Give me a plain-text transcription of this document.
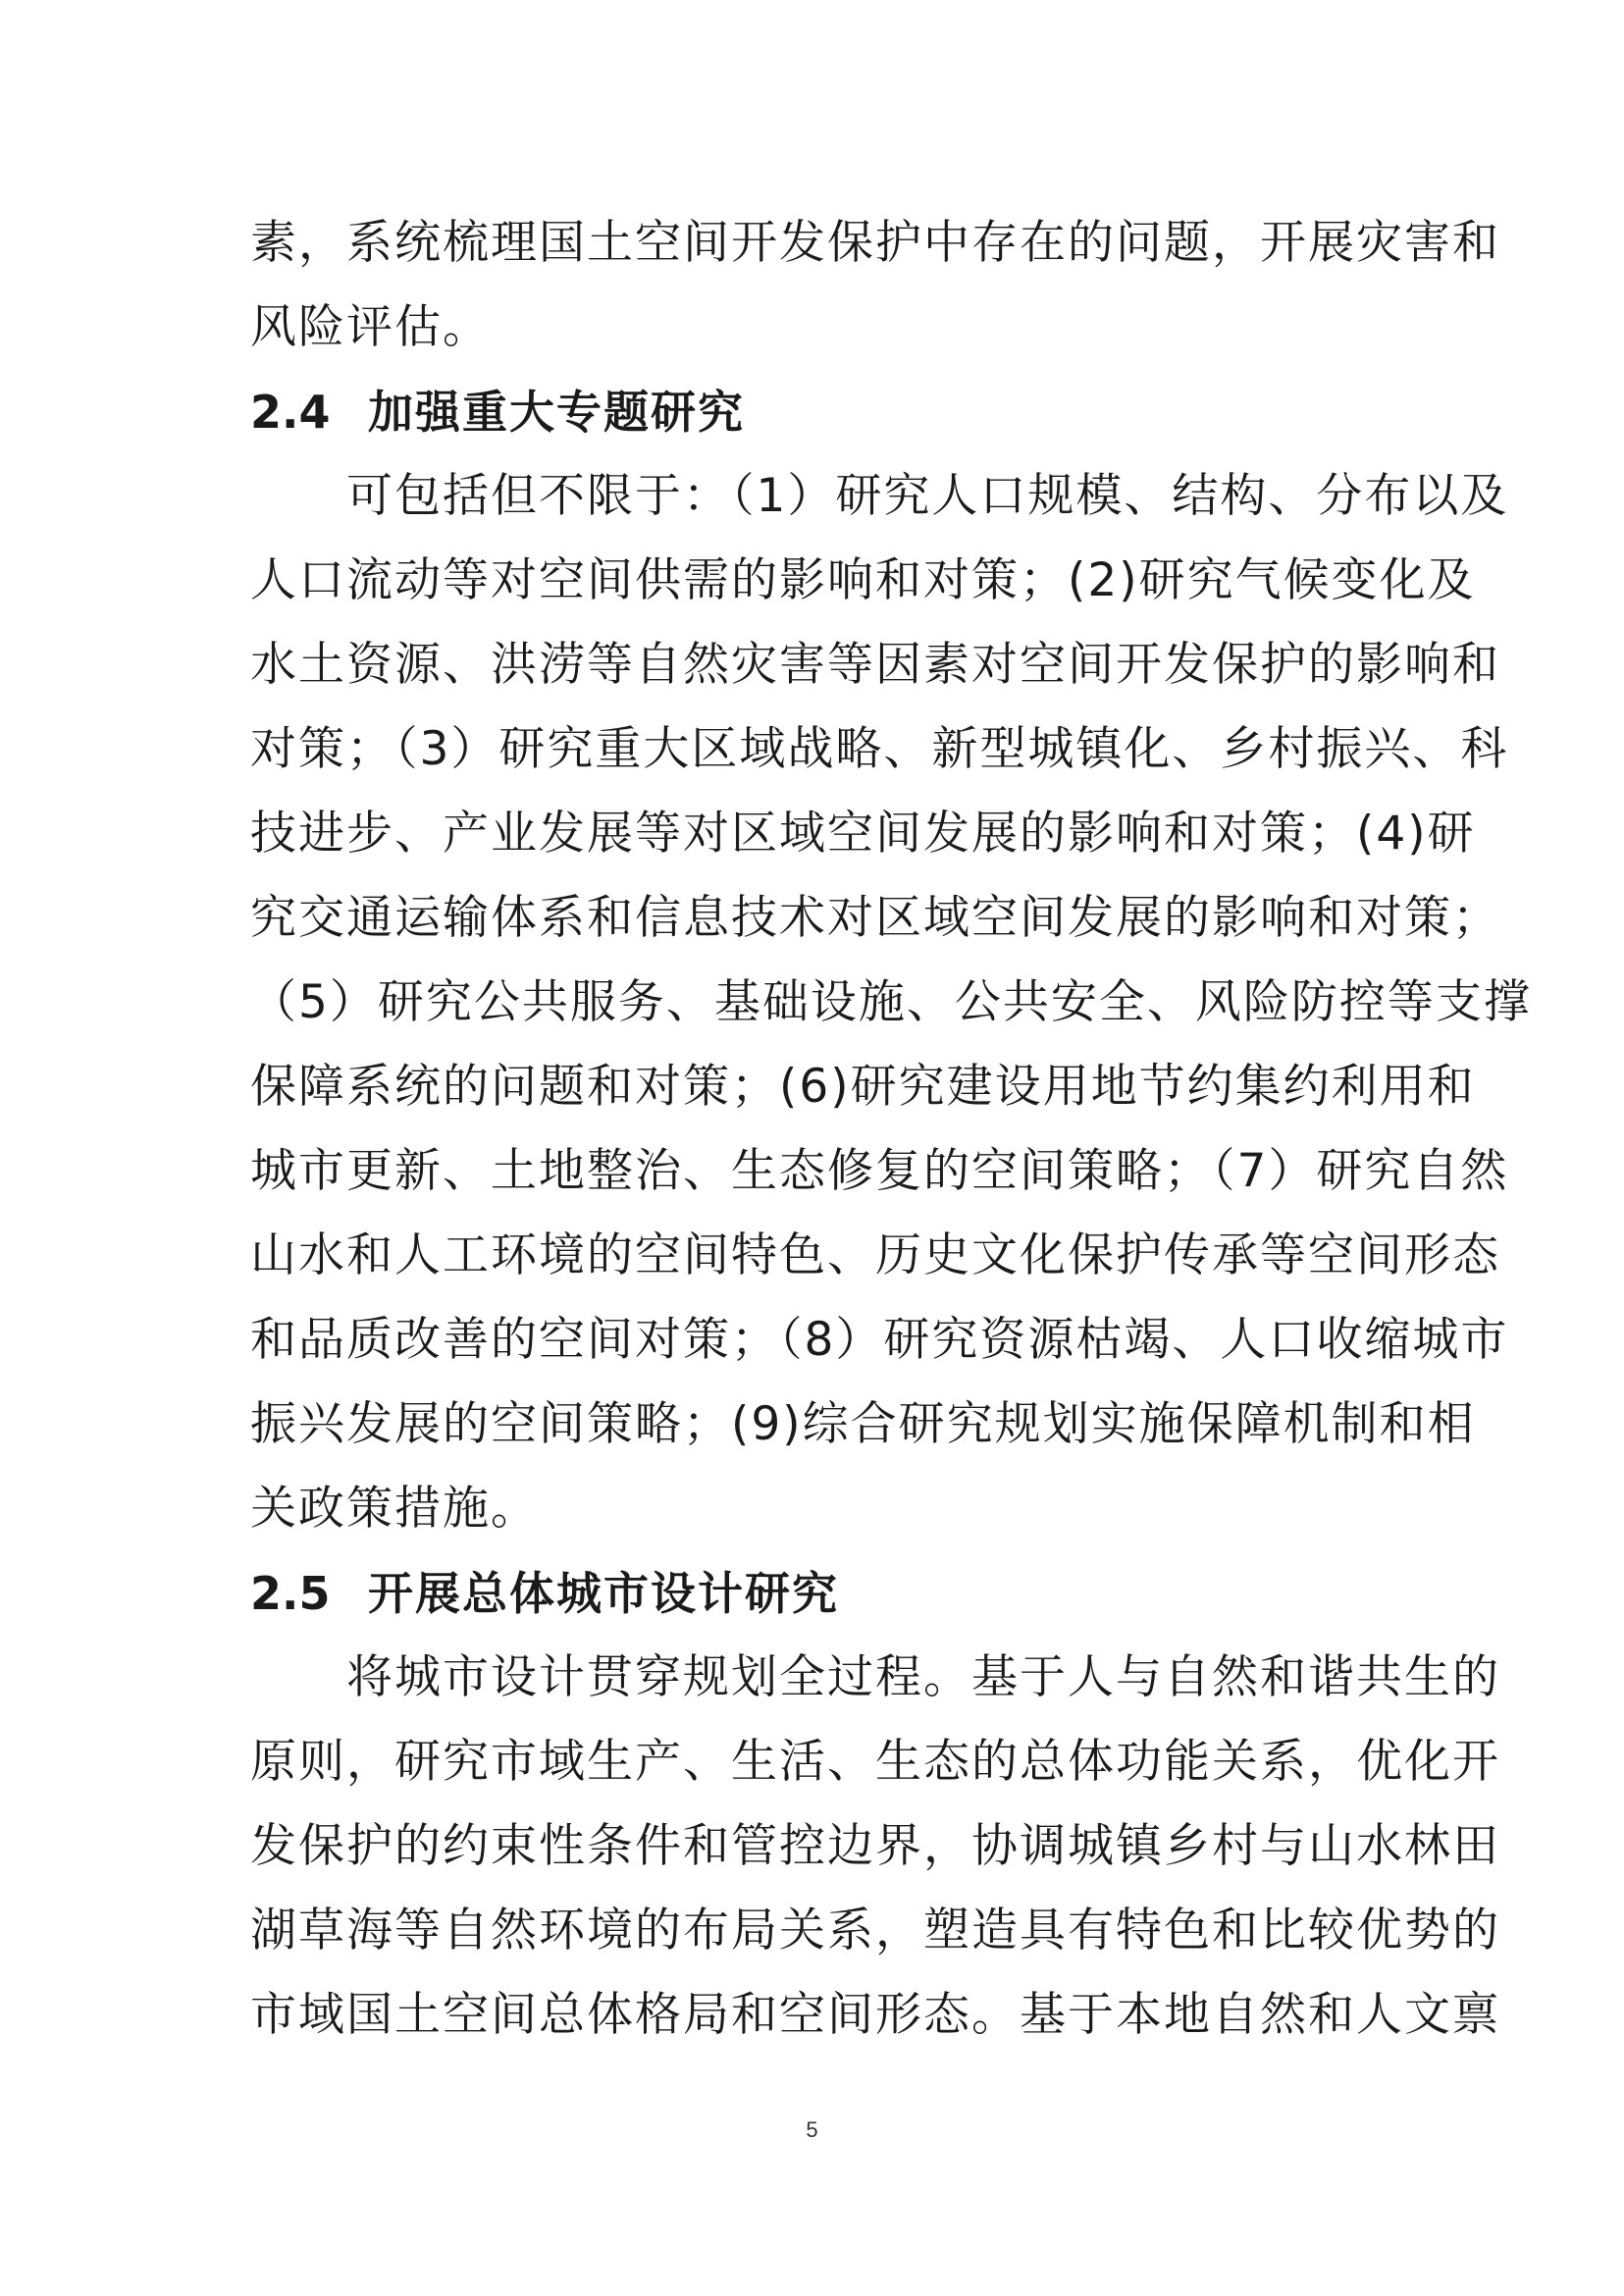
素，系统梳理国土空间开发保护中存在的问题，开展灾害和
风险评估。
2.4 加强重大专题研究
可包括但不限于：（1）研究人口规模、结构、分布以及
人口流动等对空间供需的影响和对策；(2)研究气候变化及
水土资源、洪涝等自然灾害等因素对空间开发保护的影响和
对策；（3）研究重大区域战略、新型城镇化、乡村振兴、科
技进步、产业发展等对区域空间发展的影响和对策；(4)研
究交通运输体系和信息技术对区域空间发展的影响和对策；
（5）研究公共服务、基础设施、公共安全、风险防控等支撑
保障系统的问题和对策；(6)研究建设用地节约集约利用和
城市更新、土地整治、生态修复的空间策略；（7）研究自然
山水和人工环境的空间特色、历史文化保护传承等空间形态
和品质改善的空间对策；（8）研究资源枯竭、人口收缩城市
振兴发展的空间策略；(9)综合研究规划实施保障机制和相
关政策措施。
2.5 开展总体城市设计研究
将城市设计贯穿规划全过程。基于人与自然和谐共生的
原则，研究市域生产、生活、生态的总体功能关系，优化开
发保护的约束性条件和管控边界，协调城镇乡村与山水林田
湖草海等自然环境的布局关系，塑造具有特色和比较优势的
市域国土空间总体格局和空间形态。基于本地自然和人文禀
5
